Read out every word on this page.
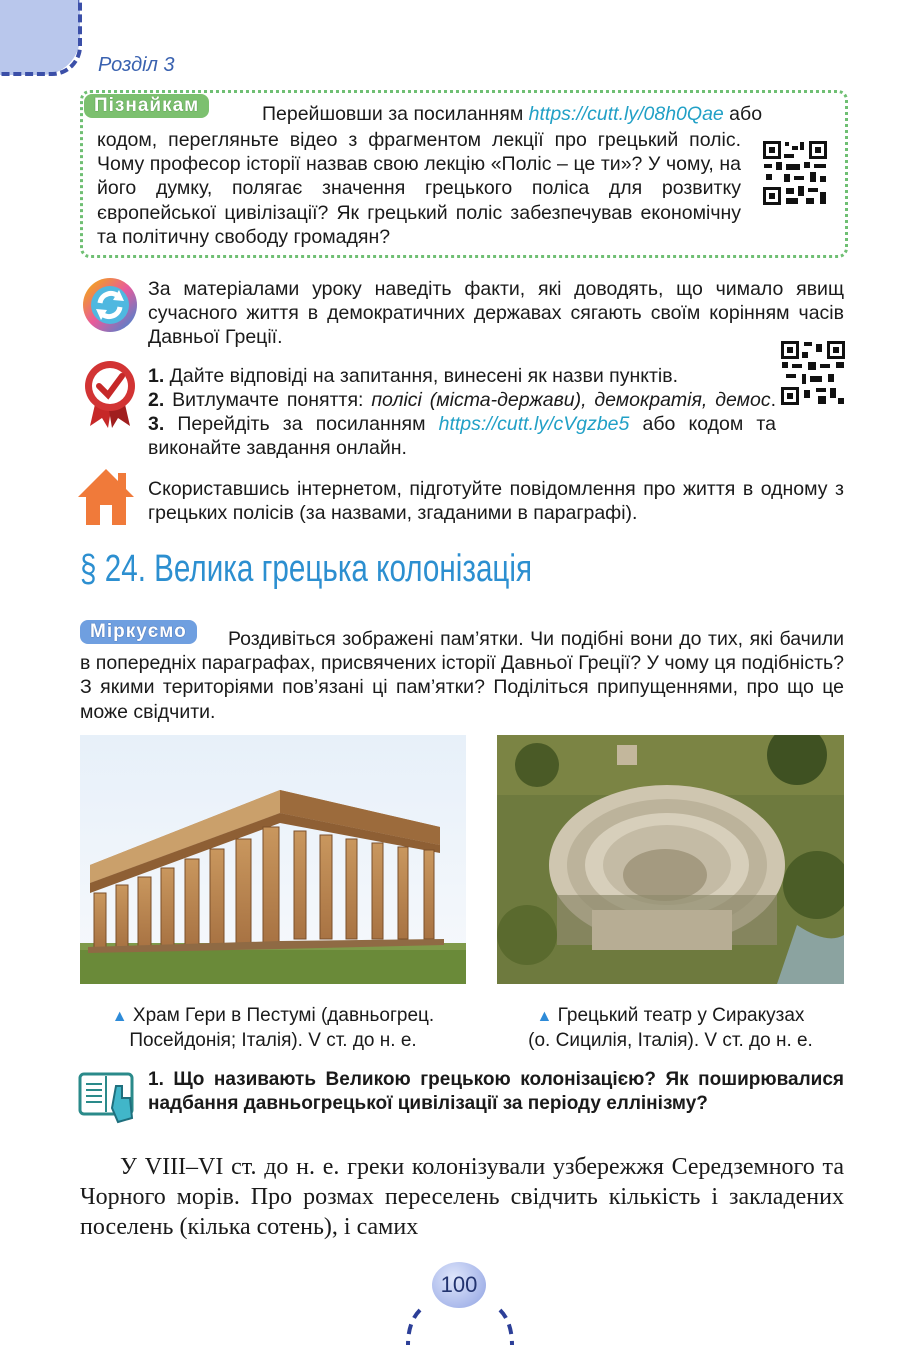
Розділ 3
Пізнайкам	Перейшовши за посиланням https://cutt.ly/08h0Qae або
кодом, перегляньте відео з фрагментом лекції про грецький поліс. Чому професор історії назвав свою лекцію «Поліс – це ти»? У чому, на його думку, полягає значення грецького поліса для розвитку європейської цивілізації? Як грецький поліс забезпечував економічну та політичну свободу громадян?
За матеріалами уроку наведіть факти, які доводять, що чимало явищ сучасного життя в демократичних державах сягають своїм корінням часів Давньої Греції.
1. Дайте відповіді на запитання, винесені як назви пунктів.
2. Витлумачте поняття: полісі (міста-держави), демократія, демос. 3. Перейдіть за посиланням https://cutt.ly/cVgzbe5 або кодом та виконайте завдання онлайн.
Скориставшись інтернетом, підготуйте повідомлення про життя в одному з грецьких полісів (за назвами, згаданими в параграфі).
§ 24. Велика грецька колонізація
Міркуємо	Роздивіться зображені пам’ятки. Чи подібні вони до тих, які бачили в попередніх параграфах, присвячених історії Давньої Греції? У чому ця подібність? З якими територіями пов’язані ці пам’ятки? Поділіться припущеннями, про що це може свідчити.
▲ Храм Гери в Пестумі (давньогрец.
Посейдонія; Італія). V ст. до н. е.
▲ Грецький театр у Сиракузах
(о. Сицилія, Італія). V ст. до н. е.
1. Що називають Великою грецькою колонізацією? Як поширювалися надбання давньогрецької цивілізації за періоду еллінізму?
У VIII–VI ст. до н. е. греки колонізували узбережжя Середземного та Чорного морів. Про розмах переселень свідчить кількість і закладених поселень (кілька сотень), і самих
100
